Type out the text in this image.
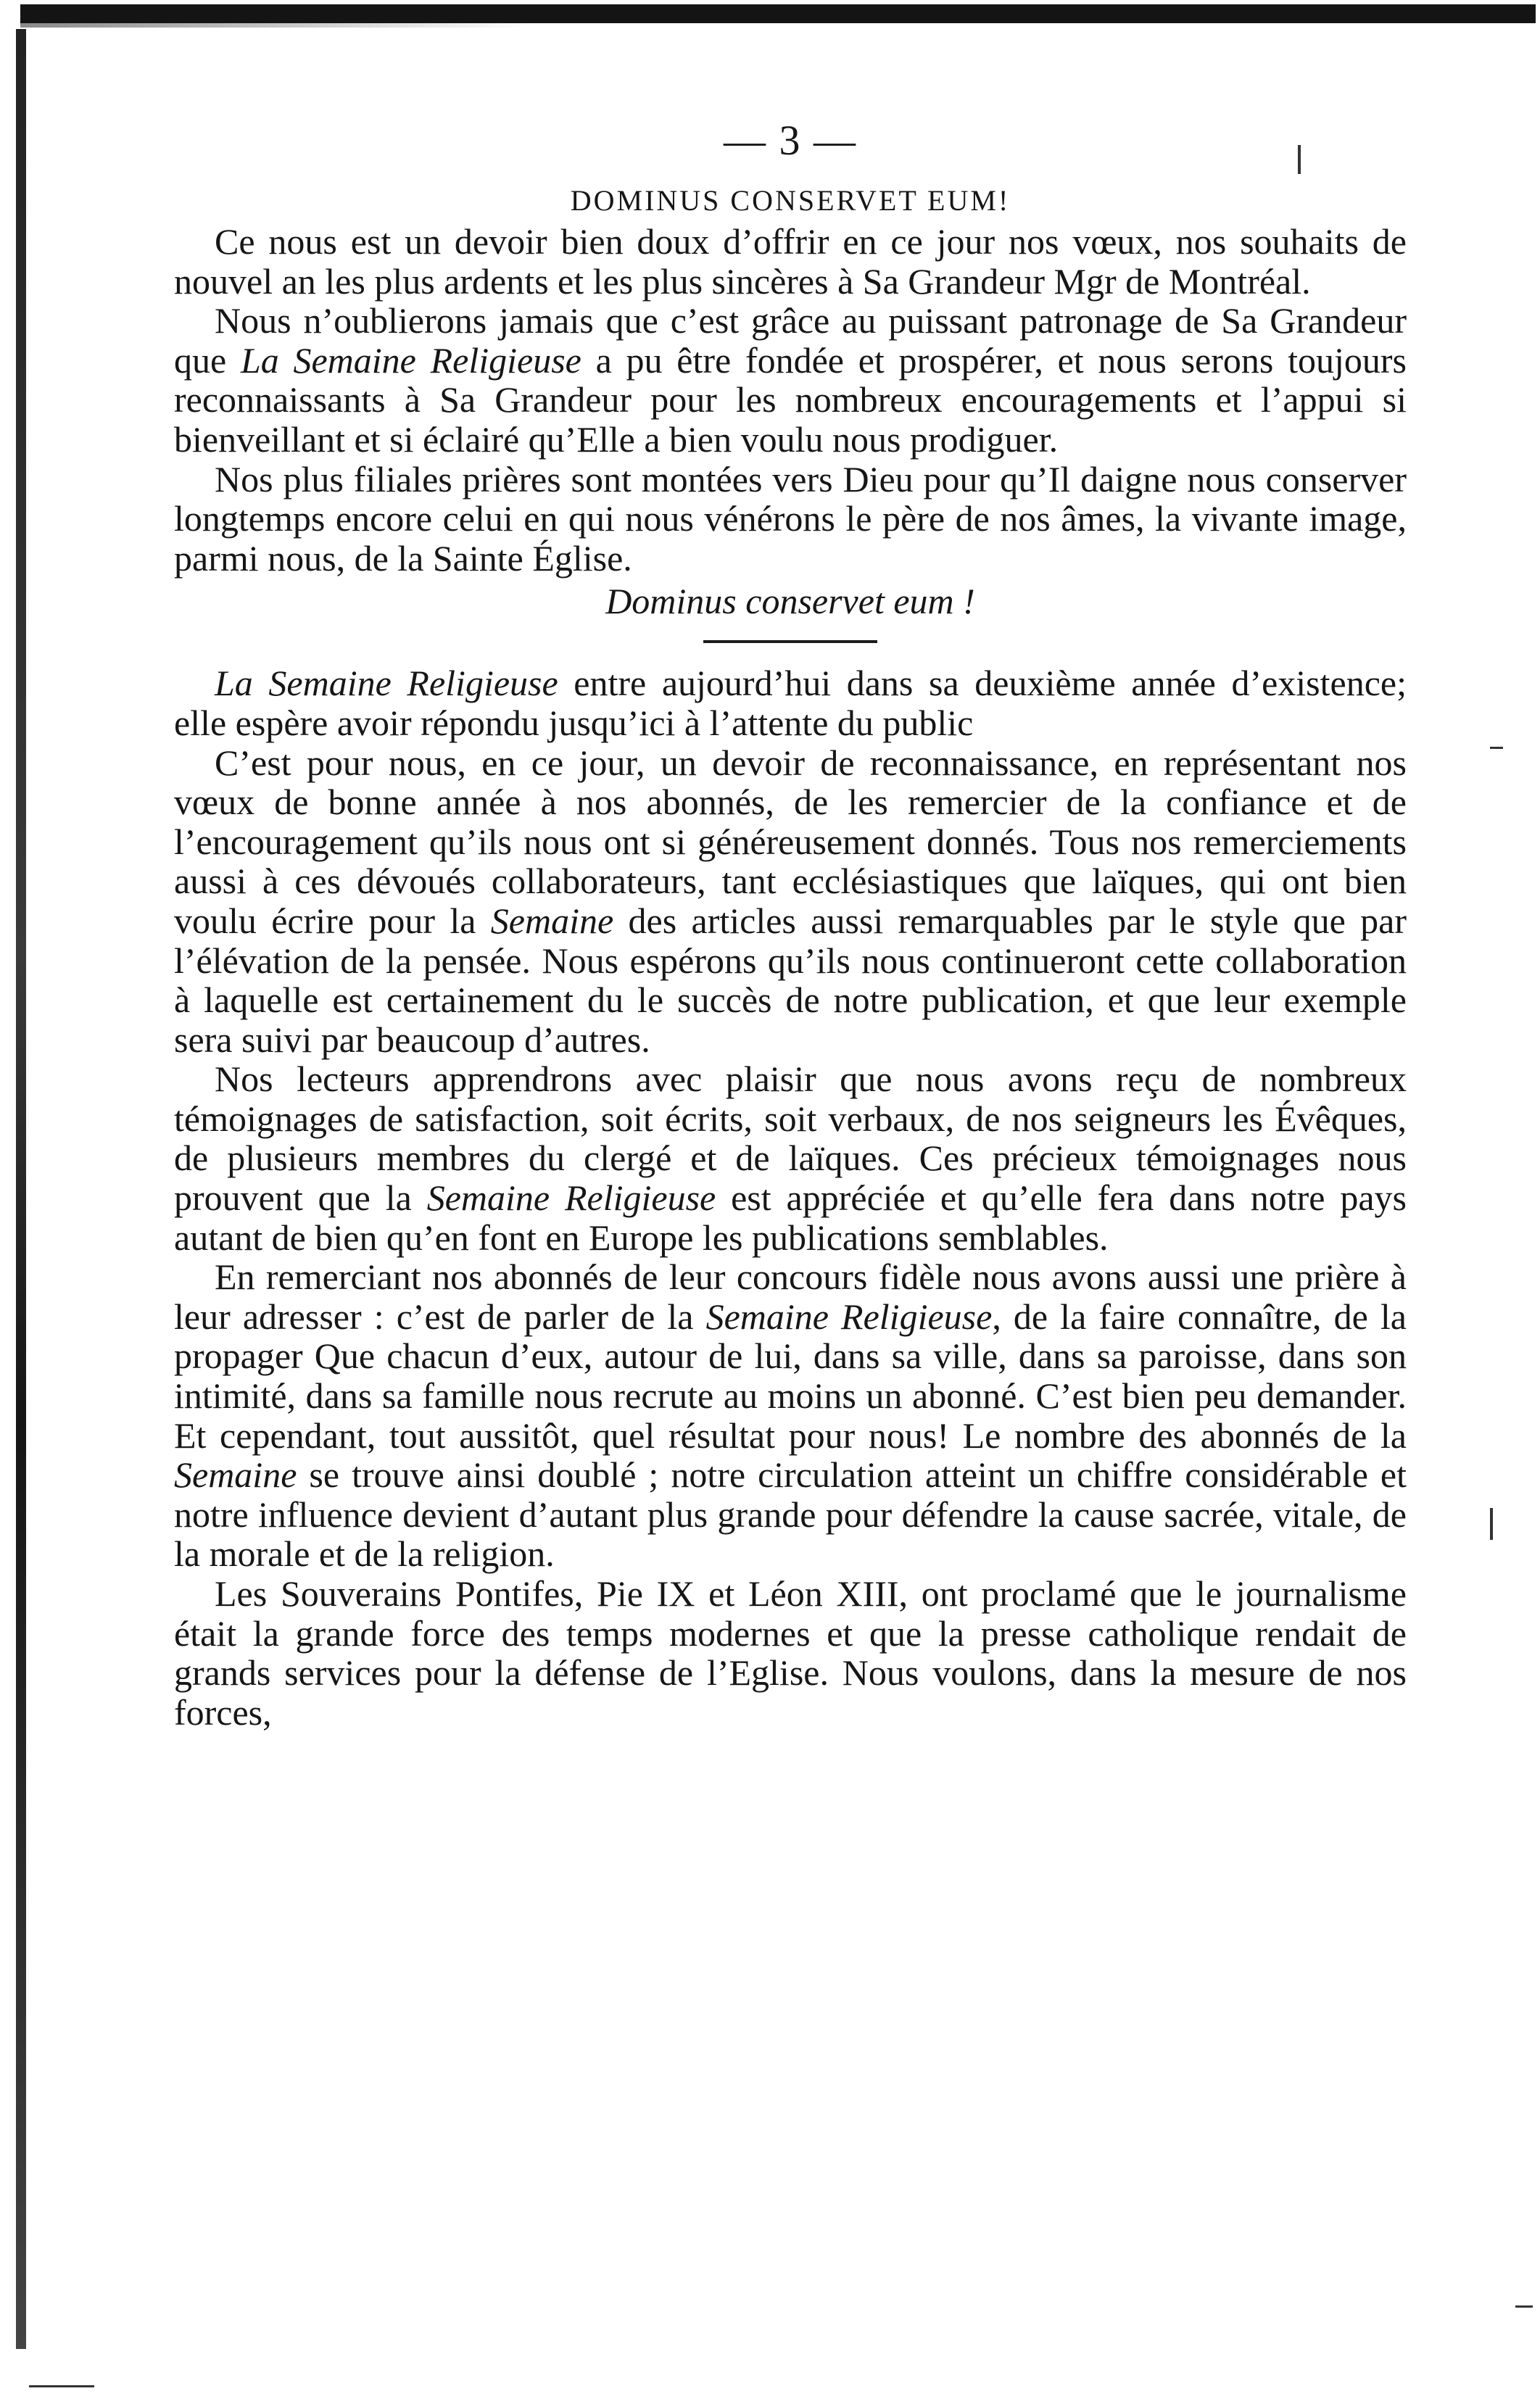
— 3 —
DOMINUS CONSERVET EUM!

Ce nous est un devoir bien doux d’offrir en ce jour nos vœux, nos souhaits de nouvel an les plus ardents et les plus sincères à Sa Grandeur Mgr de Montréal.

Nous n’oublierons jamais que c’est grâce au puissant patronage de Sa Grandeur que La Semaine Religieuse a pu être fondée et prospérer, et nous serons toujours reconnaissants à Sa Grandeur pour les nombreux encouragements et l’appui si bienveillant et si éclairé qu’Elle a bien voulu nous prodiguer.

Nos plus filiales prières sont montées vers Dieu pour qu’Il daigne nous conserver longtemps encore celui en qui nous vénérons le père de nos âmes, la vivante image, parmi nous, de la Sainte Église.

Dominus conservet eum !

La Semaine Religieuse entre aujourd’hui dans sa deuxième année d’existence; elle espère avoir répondu jusqu’ici à l’attente du public

C’est pour nous, en ce jour, un devoir de reconnaissance, en représentant nos vœux de bonne année à nos abonnés, de les remercier de la confiance et de l’encouragement qu’ils nous ont si généreusement donnés. Tous nos remerciements aussi à ces dévoués collaborateurs, tant ecclésiastiques que laïques, qui ont bien voulu écrire pour la Semaine des articles aussi remarquables par le style que par l’élévation de la pensée. Nous espérons qu’ils nous continueront cette collaboration à laquelle est certainement du le succès de notre publication, et que leur exemple sera suivi par beaucoup d’autres.

Nos lecteurs apprendrons avec plaisir que nous avons reçu de nombreux témoignages de satisfaction, soit écrits, soit verbaux, de nos seigneurs les Évêques, de plusieurs membres du clergé et de laïques. Ces précieux témoignages nous prouvent que la Semaine Religieuse est appréciée et qu’elle fera dans notre pays autant de bien qu’en font en Europe les publications semblables.

En remerciant nos abonnés de leur concours fidèle nous avons aussi une prière à leur adresser : c’est de parler de la Semaine Religieuse, de la faire connaître, de la propager Que chacun d’eux, autour de lui, dans sa ville, dans sa paroisse, dans son intimité, dans sa famille nous recrute au moins un abonné. C’est bien peu demander. Et cependant, tout aussitôt, quel résultat pour nous! Le nombre des abonnés de la Semaine se trouve ainsi doublé ; notre circulation atteint un chiffre considérable et notre influence devient d’autant plus grande pour défendre la cause sacrée, vitale, de la morale et de la religion.

Les Souverains Pontifes, Pie IX et Léon XIII, ont proclamé que le journalisme était la grande force des temps modernes et que la presse catholique rendait de grands services pour la défense de l’Eglise. Nous voulons, dans la mesure de nos forces,
